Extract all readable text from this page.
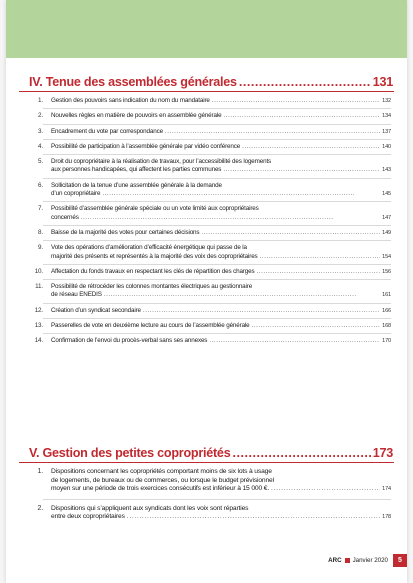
IV. Tenue des assemblées générales . . .	131
1. Gestion des pouvoirs sans indication du nom du mandataire . . .	132
2. Nouvelles règles en matière de pouvoirs en assemblée générale . . .	134
3. Encadrement du vote par correspondance . . .	137
4. Possibilité de participation à l’assemblée générale par vidéo conférence . . .	140
5. Droit du copropriétaire à la réalisation de travaux, pour l’accessibilité des logements
aux personnes handicapées, qui affectent les parties communes . . .	143
6. Sollicitation de la tenue d’une assemblée générale à la demande
d’un copropriétaire . . .	145
7. Possibilité d’assemblée générale spéciale ou un vote limité aux copropriétaires
concernés . . .	147
8. Baisse de la majorité des votes pour certaines décisions . . .	149
9. Vote des opérations d’amélioration d’efficacité énergétique qui passe de la
majorité des présents et représentés à la majorité des voix des copropriétaires . . .	154
10. Affectation du fonds travaux en respectant les clés de répartition des charges . . .	156
11. Possibilité de rétrocéder les colonnes montantes électriques au gestionnaire
de réseau ENEDIS . . .	161
12. Création d’un syndicat secondaire . . .	166
13. Passerelles de vote en deuxième lecture au cours de l’assemblée générale . . .	168
14. Confirmation de l’envoi du procès-verbal sans ses annexes . . .	170
V. Gestion des petites copropriétés . . .	173
1. Dispositions concernant les copropriétés comportant moins de six lots à usage
de logements, de bureaux ou de commerces, ou lorsque le budget prévisionnel
moyen sur une période de trois exercices consécutifs est inférieur à 15 000 €. . . .	174
2. Dispositions qui s’appliquent aux syndicats dont les voix sont réparties
entre deux copropriétaires . . .	178
ARC Janvier 2020	5
